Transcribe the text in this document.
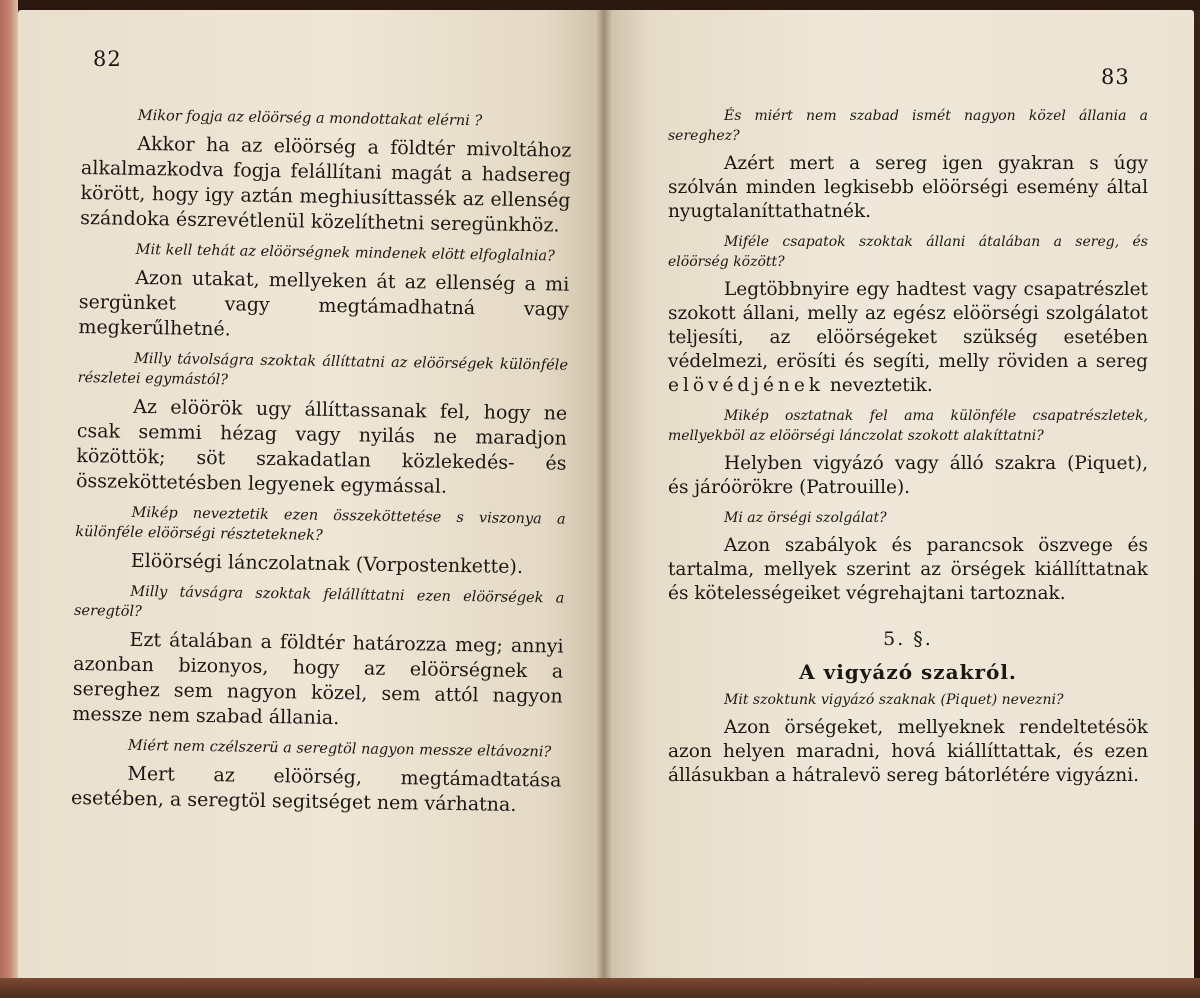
82

Mikor fogja az elöörség a mondottakat elérni ?

Akkor ha az elöörség a földtér mivoltához alkalmazkodva fogja felállítani magát a hadsereg körött, hogy igy aztán meghiusíttassék az ellenség szándoka észrevétlenül közelíthetni seregünkhöz.

Mit kell tehát az elöörségnek mindenek elött elfoglalnia?

Azon utakat, mellyeken át az ellenség a mi sergünket vagy megtámadhatná vagy megkerűlhetné.

Milly távolságra szoktak állíttatni az elöörségek különféle részletei egymástól?

Az elöörök ugy állíttassanak fel, hogy ne csak semmi hézag vagy nyilás ne maradjon közöttök; söt szakadatlan közlekedés- és összeköttetésben legyenek egymással.

Mikép neveztetik ezen összeköttetése s viszonya a különféle elöörségi részteteknek?

Elöörségi lánczolatnak (Vorpostenkette).

Milly távságra szoktak felállíttatni ezen elöörségek a seregtöl?

Ezt átalában a földtér határozza meg; annyi azonban bizonyos, hogy az elöörségnek a sereghez sem nagyon közel, sem attól nagyon messze nem szabad állania.

Miért nem czélszerü a seregtöl nagyon messze eltávozni?

Mert az elöörség, megtámadtatása esetében, a seregtöl segitséget nem várhatna.

83

És miért nem szabad ismét nagyon közel állania a sereghez?

Azért mert a sereg igen gyakran s úgy szólván minden legkisebb elöörségi esemény által nyugtalaníttathatnék.

Miféle csapatok szoktak állani átalában a sereg, és elöörség között?

Legtöbbnyire egy hadtest vagy csapatrészlet szokott állani, melly az egész elöörségi szolgálatot teljesíti, az elöörségeket szükség esetében védelmezi, erösíti és segíti, melly röviden a sereg elövédjének neveztetik.

Mikép osztatnak fel ama különféle csapatrészletek, mellyekböl az elöörségi lánczolat szokott alakíttatni?

Helyben vigyázó vagy álló szakra (Piquet), és járóörökre (Patrouille).

Mi az örségi szolgálat?

Azon szabályok és parancsok öszvege és tartalma, mellyek szerint az örségek kiállíttatnak és kötelességeiket végrehajtani tartoznak.

5. §.
A vigyázó szakról.

Mit szoktunk vigyázó szaknak (Piquet) nevezni?

Azon örségeket, mellyeknek rendeltetésök azon helyen maradni, hová kiállíttattak, és ezen állásukban a hátralevö sereg bátorlétére vigyázni.
